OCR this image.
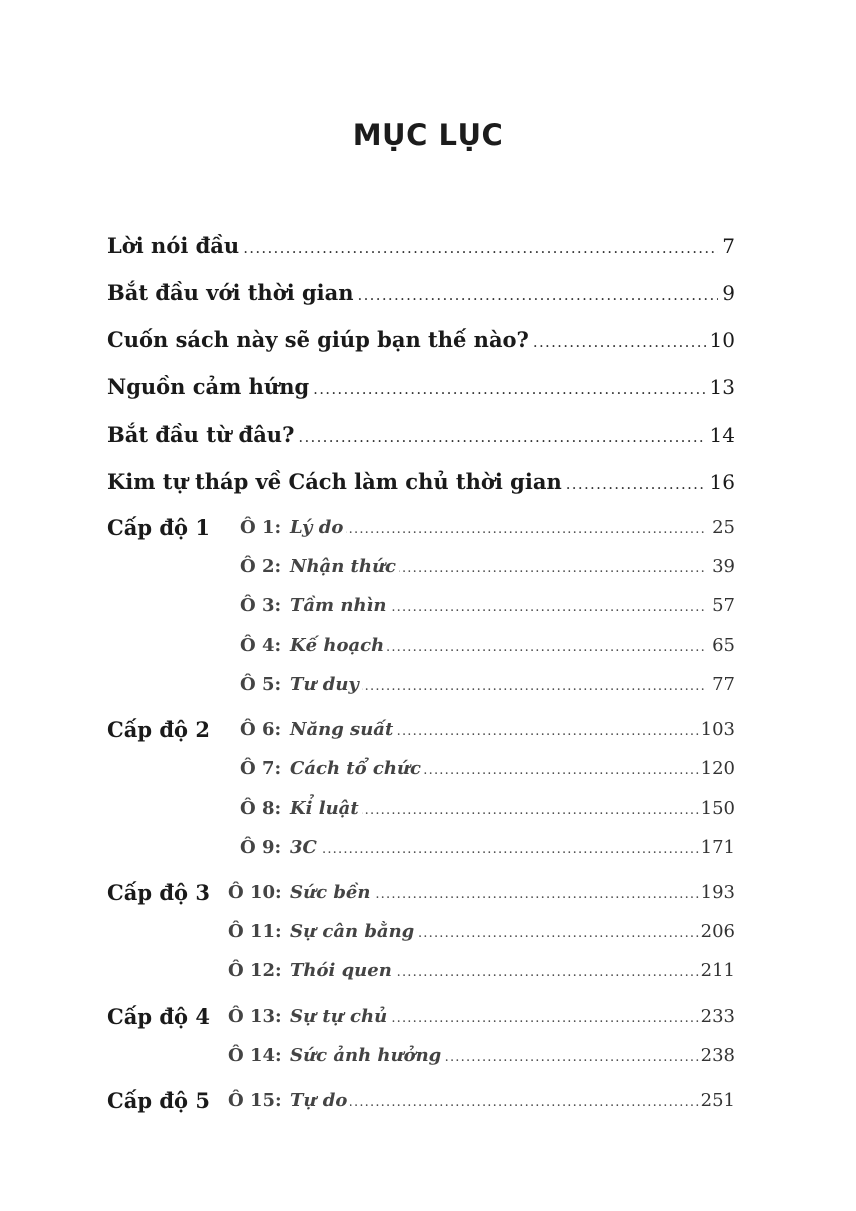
MỤC LỤC
Lời nói đầu .....	7
Bắt đầu với thời gian .....	9
Cuốn sách này sẽ giúp bạn thế nào? .....	10
Nguồn cảm hứng .....	13
Bắt đầu từ đâu? .....	14
Kim tự tháp về Cách làm chủ thời gian .....	16
Cấp độ 1 Ô 1: ..... Lý do	25
Ô 2: ..... Nhận thức	39
Ô 3: ..... Tầm nhìn	57
Ô 4: ..... Kế hoạch	65
Ô 5: ..... Tư duy	77
Cấp độ 2 Ô 6: ..... Năng suất	103
Ô 7: ..... Cách tổ chức	120
Ô 8: ..... Kỉ luật	150
Ô 9: ..... 3C	171
Cấp độ 3 Ô 10: ..... Sức bền	193
Ô 11: ..... Sự cân bằng	206
Ô 12: ..... Thói quen	211
Cấp độ 4 Ô 13: ..... Sự tự chủ	233
Ô 14: ..... Sức ảnh hưởng	238
Cấp độ 5 Ô 15: ..... Tự do	251
